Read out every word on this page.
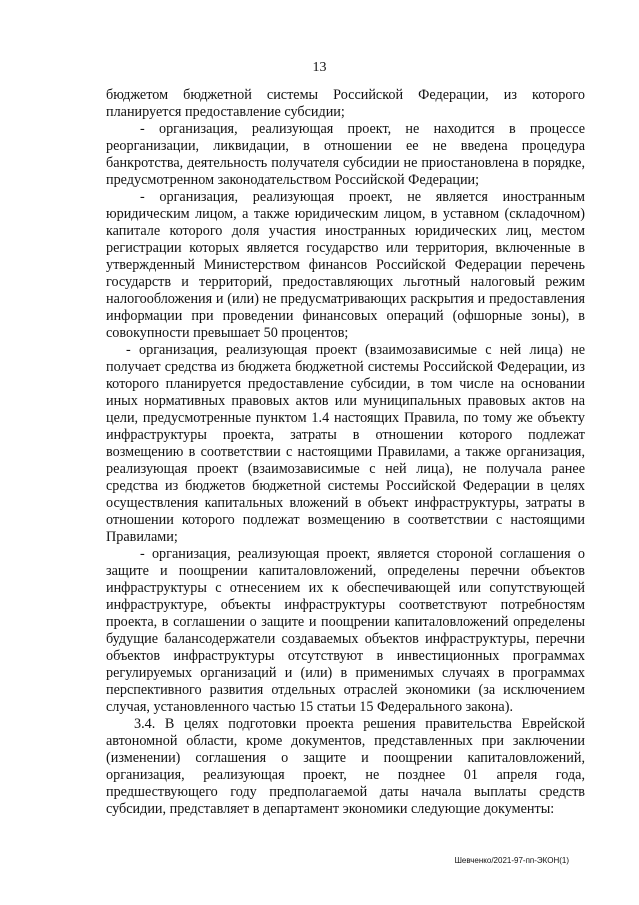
13

бюджетом бюджетной системы Российской Федерации, из которого планируется предоставление субсидии;

- организация, реализующая проект, не находится в процессе реорганизации, ликвидации, в отношении ее не введена процедура банкротства, деятельность получателя субсидии не приостановлена в порядке, предусмотренном законодательством Российской Федерации;

- организация, реализующая проект, не является иностранным юридическим лицом, а также юридическим лицом, в уставном (складочном) капитале которого доля участия иностранных юридических лиц, местом регистрации которых является государство или территория, включенные в утвержденный Министерством финансов Российской Федерации перечень государств и территорий, предоставляющих льготный налоговый режим налогообложения и (или) не предусматривающих раскрытия и предоставления информации при проведении финансовых операций (офшорные зоны), в совокупности превышает 50 процентов;

- организация, реализующая проект (взаимозависимые с ней лица) не получает средства из бюджета бюджетной системы Российской Федерации, из которого планируется предоставление субсидии, в том числе на основании иных нормативных правовых актов или муниципальных правовых актов на цели, предусмотренные пунктом 1.4 настоящих Правила, по тому же объекту инфраструктуры проекта, затраты в отношении которого подлежат возмещению в соответствии с настоящими Правилами, а также организация, реализующая проект (взаимозависимые с ней лица), не получала ранее средства из бюджетов бюджетной системы Российской Федерации в целях осуществления капитальных вложений в объект инфраструктуры, затраты в отношении которого подлежат возмещению в соответствии с настоящими Правилами;

- организация, реализующая проект, является стороной соглашения о защите и поощрении капиталовложений, определены перечни объектов инфраструктуры с отнесением их к обеспечивающей или сопутствующей инфраструктуре, объекты инфраструктуры соответствуют потребностям проекта, в соглашении о защите и поощрении капиталовложений определены будущие балансодержатели создаваемых объектов инфраструктуры, перечни объектов инфраструктуры отсутствуют в инвестиционных программах регулируемых организаций и (или) в применимых случаях в программах перспективного развития отдельных отраслей экономики (за исключением случая, установленного частью 15 статьи 15 Федерального закона).

3.4. В целях подготовки проекта решения правительства Еврейской автономной области, кроме документов, представленных при заключении (изменении) соглашения о защите и поощрении капиталовложений, организация, реализующая проект, не позднее 01 апреля года, предшествующего году предполагаемой даты начала выплаты средств субсидии, представляет в департамент экономики следующие документы:

Шевченко/2021-97-пп-ЭКОН(1)
